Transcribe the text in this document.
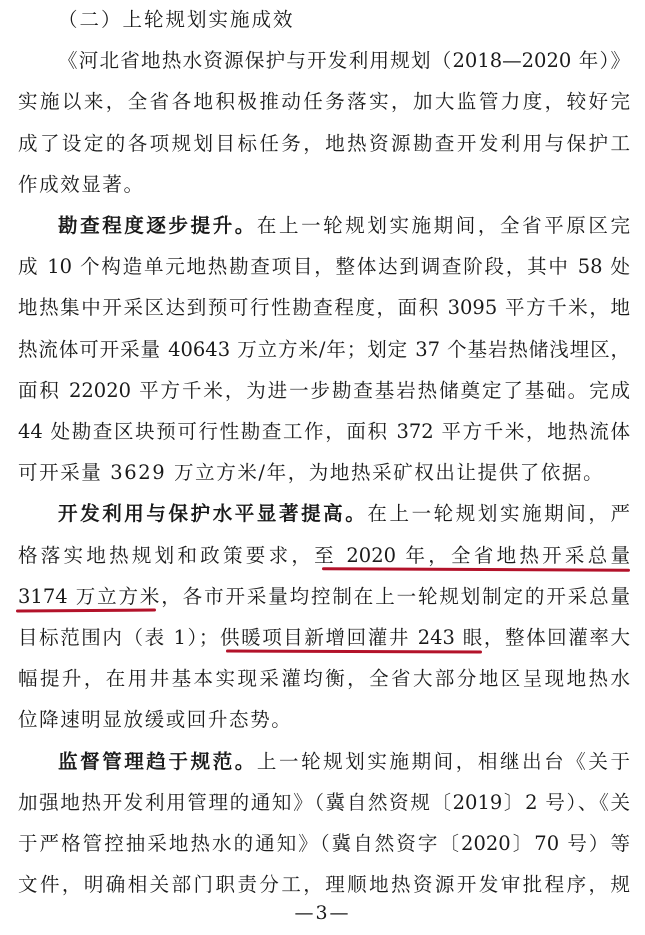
（二）上轮规划实施成效
《河北省地热水资源保护与开发利用规划（2018—2020 年）》
实施以来，全省各地积极推动任务落实，加大监管力度，较好完
成了设定的各项规划目标任务，地热资源勘查开发利用与保护工
作成效显著。
勘查程度逐步提升。在上一轮规划实施期间，全省平原区完
成 10 个构造单元地热勘查项目，整体达到调查阶段，其中 58 处
地热集中开采区达到预可行性勘查程度，面积 3095 平方千米，地
热流体可开采量 40643 万立方米/年；划定 37 个基岩热储浅埋区，
面积 22020 平方千米，为进一步勘查基岩热储奠定了基础。完成
44 处勘查区块预可行性勘查工作，面积 372 平方千米，地热流体
可开采量 3629 万立方米/年，为地热采矿权出让提供了依据。
开发利用与保护水平显著提高。在上一轮规划实施期间，严
格落实地热规划和政策要求，至 2020 年，全省地热开采总量
3174 万立方米，各市开采量均控制在上一轮规划制定的开采总量
目标范围内（表 1）；供暖项目新增回灌井 243 眼，整体回灌率大
幅提升，在用井基本实现采灌均衡，全省大部分地区呈现地热水
位降速明显放缓或回升态势。
监督管理趋于规范。上一轮规划实施期间，相继出台《关于
加强地热开发利用管理的通知》（冀自然资规〔2019〕2 号）、《关
于严格管控抽采地热水的通知》（冀自然资字〔2020〕70 号）等
文件，明确相关部门职责分工，理顺地热资源开发审批程序，规
—3—
